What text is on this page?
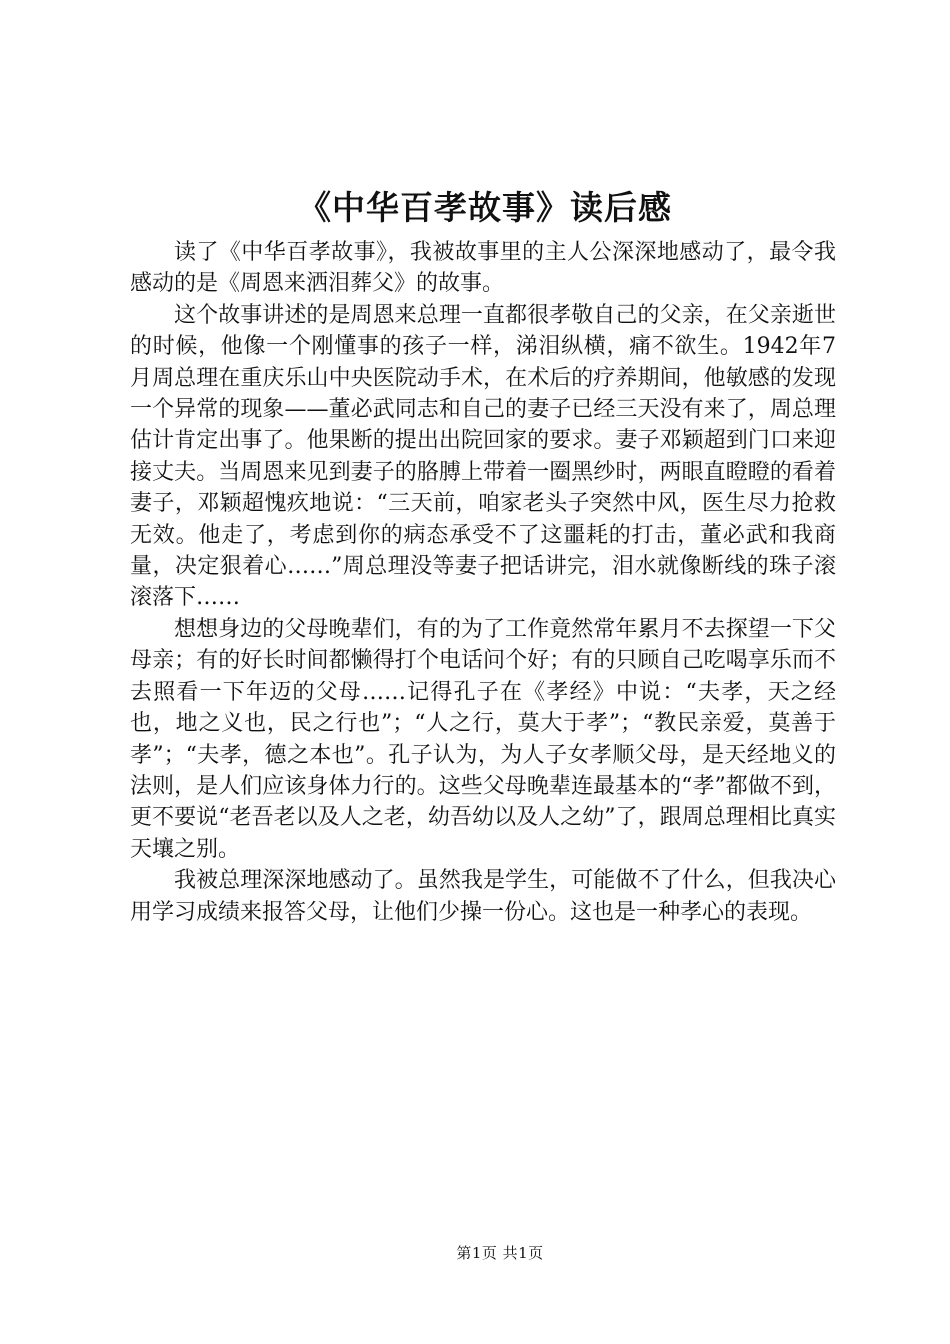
《中华百孝故事》读后感

读了《中华百孝故事》，我被故事里的主人公深深地感动了，最令我感动的是《周恩来洒泪葬父》的故事。

这个故事讲述的是周恩来总理一直都很孝敬自己的父亲，在父亲逝世的时候，他像一个刚懂事的孩子一样，涕泪纵横，痛不欲生。1942年7月周总理在重庆乐山中央医院动手术，在术后的疗养期间，他敏感的发现一个异常的现象——董必武同志和自己的妻子已经三天没有来了，周总理估计肯定出事了。他果断的提出出院回家的要求。妻子邓颖超到门口来迎接丈夫。当周恩来见到妻子的胳膊上带着一圈黑纱时，两眼直瞪瞪的看着妻子，邓颖超愧疚地说：“三天前，咱家老头子突然中风，医生尽力抢救无效。他走了，考虑到你的病态承受不了这噩耗的打击，董必武和我商量，决定狠着心……”周总理没等妻子把话讲完，泪水就像断线的珠子滚滚落下……

想想身边的父母晚辈们，有的为了工作竟然常年累月不去探望一下父母亲；有的好长时间都懒得打个电话问个好；有的只顾自己吃喝享乐而不去照看一下年迈的父母……记得孔子在《孝经》中说：“夫孝，天之经也，地之义也，民之行也”；“人之行，莫大于孝”；“教民亲爱，莫善于孝”；“夫孝，德之本也”。孔子认为，为人子女孝顺父母，是天经地义的法则，是人们应该身体力行的。这些父母晚辈连最基本的“孝”都做不到，更不要说“老吾老以及人之老，幼吾幼以及人之幼”了，跟周总理相比真实天壤之别。

我被总理深深地感动了。虽然我是学生，可能做不了什么，但我决心用学习成绩来报答父母，让他们少操一份心。这也是一种孝心的表现。

第1页 共1页
